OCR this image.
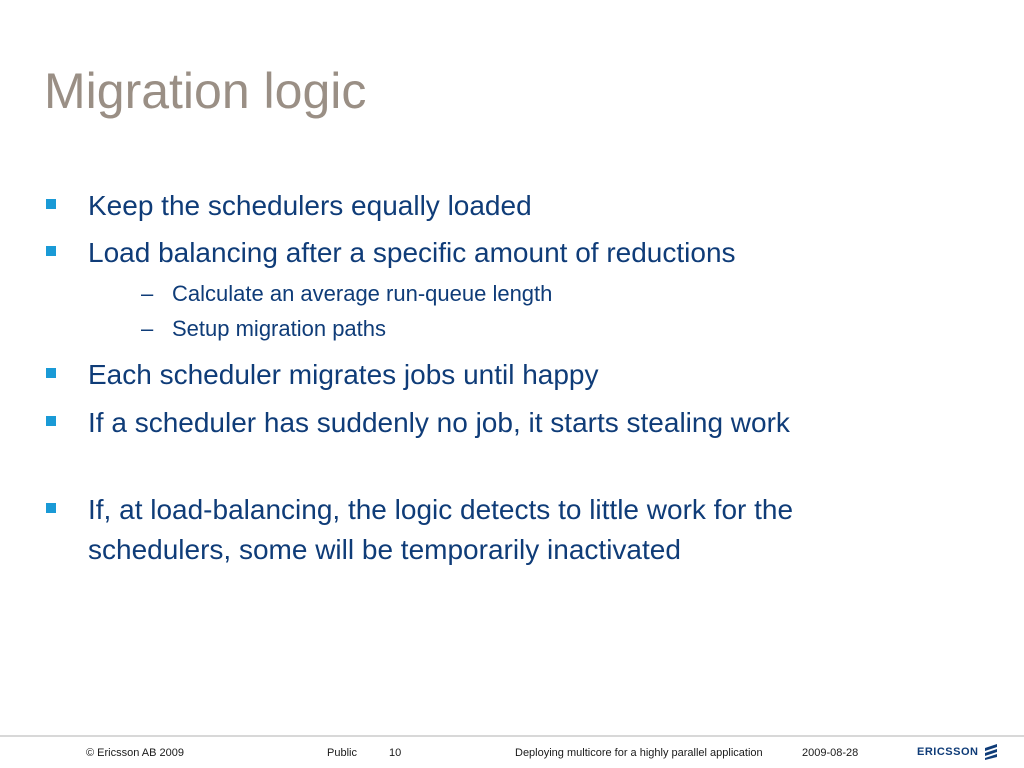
Migration logic
Keep the schedulers equally loaded
Load balancing after a specific amount of reductions
– Calculate an average run-queue length
– Setup migration paths
Each scheduler migrates jobs until happy
If a scheduler has suddenly no job, it starts stealing work
If, at load-balancing, the logic detects to little work for the schedulers, some will be temporarily inactivated
© Ericsson AB 2009	Public	10	Deploying multicore for a highly parallel application	2009-08-28	ERICSSON
